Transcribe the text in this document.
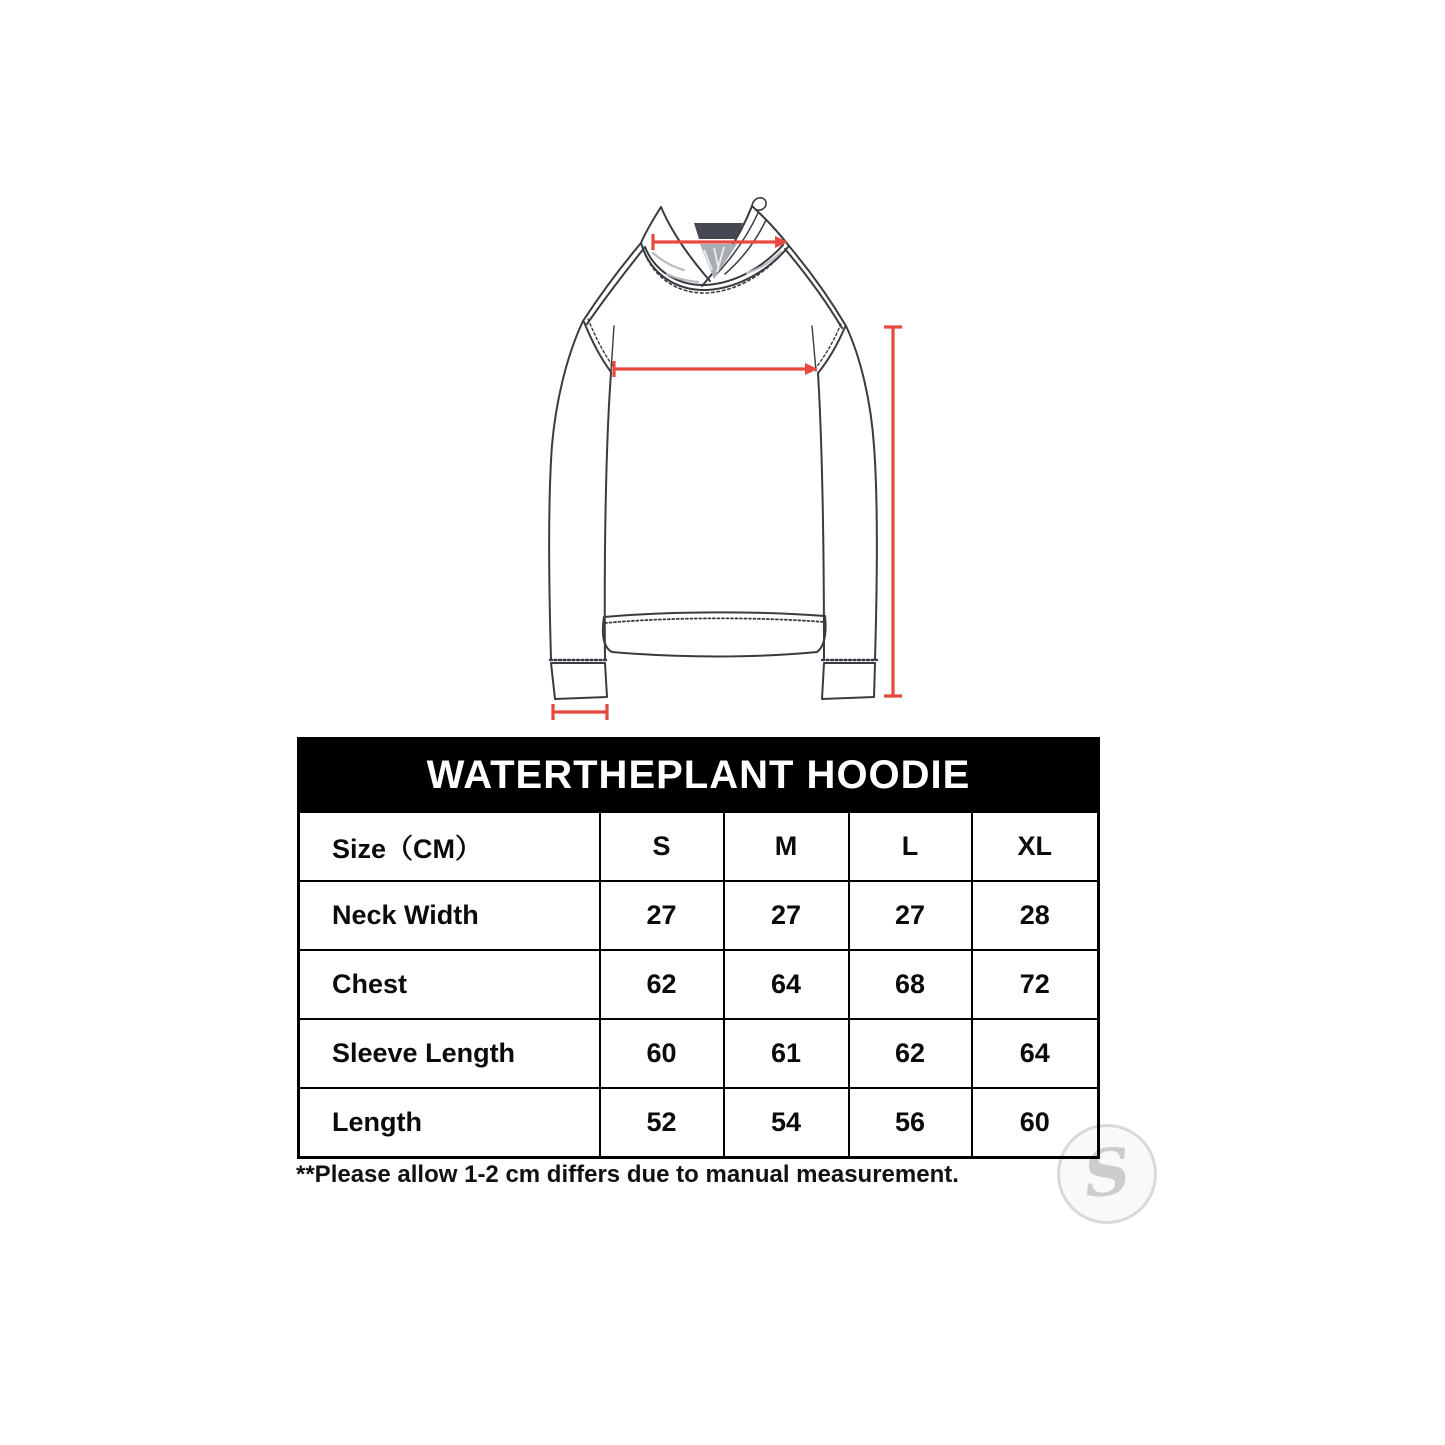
WATERTHEPLANT HOODIE				
Size（CM）	S	M	L	XL
Neck Width	27	27	27	28
Chest	62	64	68	72
Sleeve Length	60	61	62	64
Length	52	54	56	60
**Please allow 1-2 cm differs due to manual measurement. S
